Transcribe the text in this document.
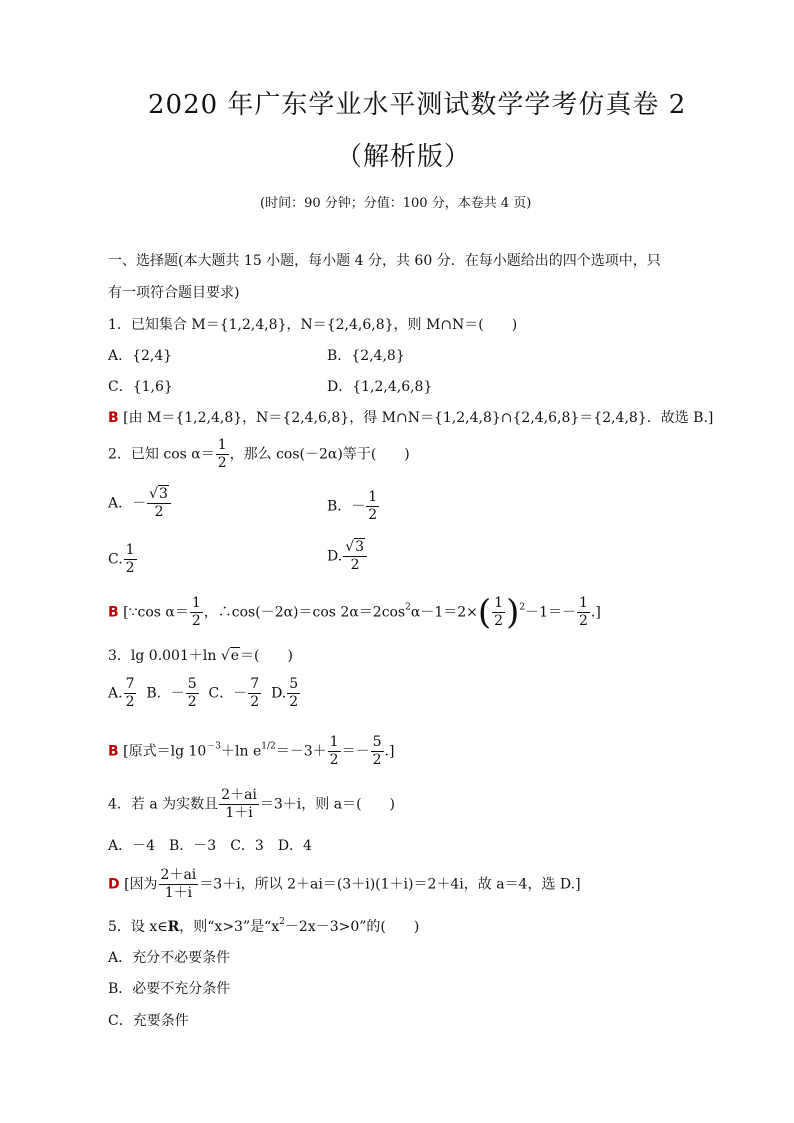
2020 年广东学业水平测试数学学考仿真卷 2
（解析版）
(时间：90 分钟；分值：100 分，本卷共 4 页)
一、选择题(本大题共 15 小题，每小题 4 分，共 60 分．在每小题给出的四个选项中，只
有一项符合题目要求)
1．已知集合 M＝{1,2,4,8}，N＝{2,4,6,8}，则 M∩N＝(　　)
A．{2,4}	B．{2,4,8}
C．{1,6}	D．{1,2,4,6,8}
B [由 M＝{1,2,4,8}，N＝{2,4,6,8}，得 M∩N＝{1,2,4,8}∩{2,4,6,8}＝{2,4,8}．故选 B.]
2．已知 $\cos \alpha= \frac{1}{2}$ ，那么 cos(－2α)等于(　　)
A．－ $\frac{√3}{2}$	B．－ $\frac{1}{2}$
C. $\frac{1}{2}$	D. $\frac{√3}{2}$
B [∵cos $\alpha= \frac{1}{2}$ ，∴cos(－2α)＝cos $2\alpha=2\cos^2\alpha-1=2\times( \frac{1}{2} )^2-1=- \frac{1}{2}$ .]
3．lg 0.001＋ln √e＝(　　)
A. $\frac{7}{2}$ B．－ $\frac{5}{2}$ C．－ $\frac{7}{2} D$. $\frac{5}{2}$
B [原式＝lg $10^{-3}+\ln$ $e^{1/2}=-3+ \frac{1}{2} =- \frac{5}{2}$ .]
4．若 a 为实数且 $\frac{2+ai}{1+i} =3+i$，则 a＝(　　)
A．－4　B．－3　C．3　D．4
D [因为 $\frac{2+ai}{1+i} =3+i$，所以 2＋ai＝(3＋i)(1＋i)＝2＋4i，故 a＝4，选 D.]
5．设 x∈R，则“x>3”是“$x^2-2x-3>0$”的(　　)
A．充分不必要条件
B．必要不充分条件
C．充要条件
